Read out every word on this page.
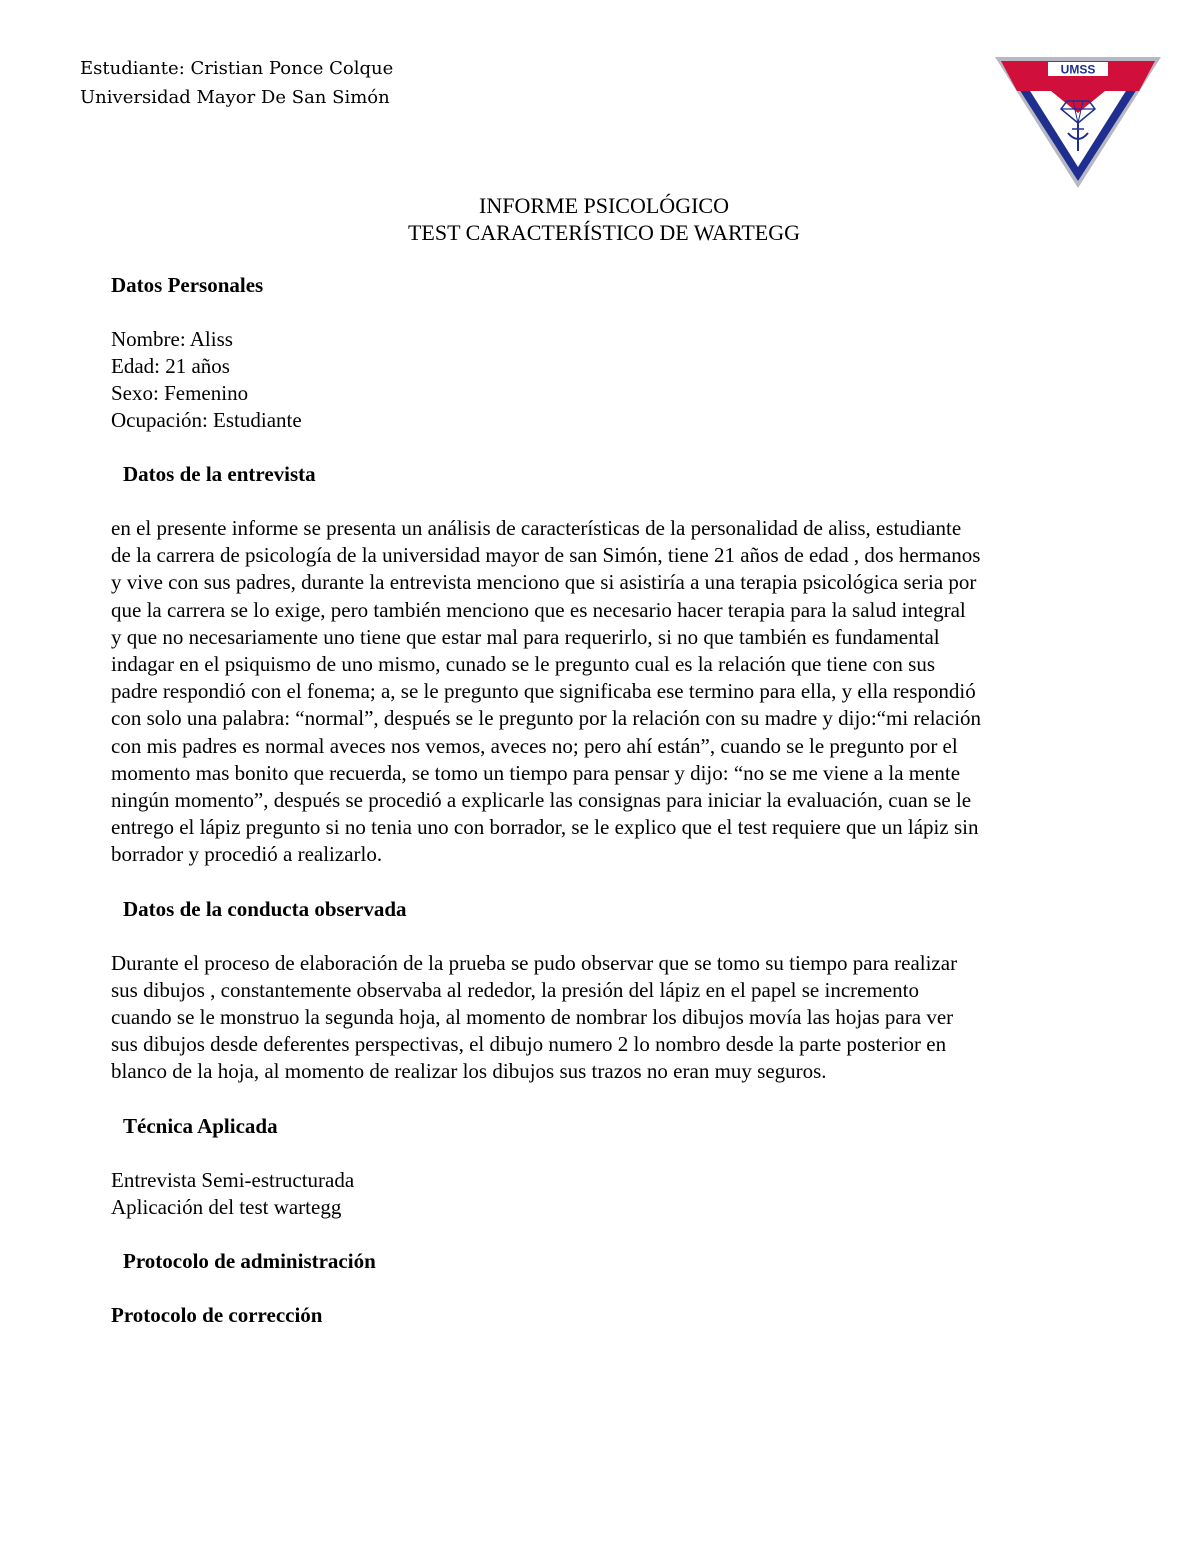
Estudiante: Cristian Ponce Colque
Universidad Mayor De San Simón
UMSS
INFORME PSICOLÓGICO
TEST CARACTERÍSTICO DE WARTEGG

Datos Personales

Nombre: Aliss

Edad: 21 años

Sexo: Femenino

Ocupación: Estudiante

Datos de la entrevista

en el presente informe se presenta un análisis de características de la personalidad de aliss, estudiante
de la carrera de psicología de la universidad mayor de san Simón, tiene 21 años de edad , dos hermanos
y vive con sus padres, durante la entrevista menciono que si asistiría a una terapia psicológica seria por
que la carrera se lo exige, pero también menciono que es necesario hacer terapia para la salud integral
y que no necesariamente uno tiene que estar mal para requerirlo, si no que también es fundamental
indagar en el psiquismo de uno mismo, cunado se le pregunto cual es la relación que tiene con sus
padre respondió con el fonema; a, se le pregunto que significaba ese termino para ella, y ella respondió
con solo una palabra: “normal”, después se le pregunto por la relación con su madre y dijo:“mi relación
con mis padres es normal aveces nos vemos, aveces no; pero ahí están”, cuando se le pregunto por el
momento mas bonito que recuerda, se tomo un tiempo para pensar y dijo: “no se me viene a la mente
ningún momento”, después se procedió a explicarle las consignas para iniciar la evaluación, cuan se le
entrego el lápiz pregunto si no tenia uno con borrador, se le explico que el test requiere que un lápiz sin
borrador y procedió a realizarlo.

Datos de la conducta observada

Durante el proceso de elaboración de la prueba se pudo observar que se tomo su tiempo para realizar
sus dibujos , constantemente observaba al rededor, la presión del lápiz en el papel se incremento
cuando se le monstruo la segunda hoja, al momento de nombrar los dibujos movía las hojas para ver
sus dibujos desde deferentes perspectivas, el dibujo numero 2 lo nombro desde la parte posterior en
blanco de la hoja, al momento de realizar los dibujos sus trazos no eran muy seguros.

Técnica Aplicada

Entrevista Semi-estructurada

Aplicación del test wartegg

Protocolo de administración

Protocolo de corrección
